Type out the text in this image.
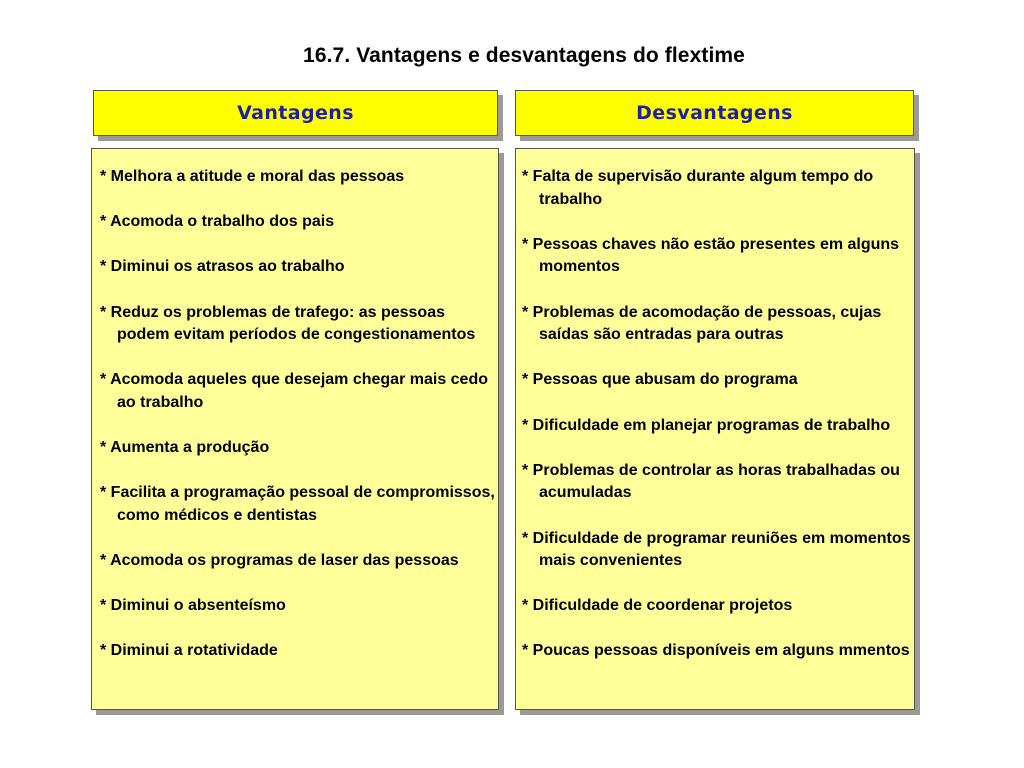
16.7. Vantagens e desvantagens do flextime
Vantagens	Desvantagens
* Melhora a atitude e moral das pessoas
* Acomoda o trabalho dos pais
* Diminui os atrasos ao trabalho
* Reduz os problemas de trafego: as pessoas podem evitam períodos de congestionamentos
* Acomoda aqueles que desejam chegar mais cedo ao trabalho
* Aumenta a produção
* Facilita a programação pessoal de compromissos, como médicos e dentistas
* Acomoda os programas de laser das pessoas
* Diminui o absenteísmo
* Diminui a rotatividade
* Falta de supervisão durante algum tempo do trabalho
* Pessoas chaves não estão presentes em alguns momentos
* Problemas de acomodação de pessoas, cujas saídas são entradas para outras
* Pessoas que abusam do programa
* Dificuldade em planejar programas de trabalho
* Problemas de controlar as horas trabalhadas ou acumuladas
* Dificuldade de programar reuniões em momentos mais convenientes
* Dificuldade de coordenar projetos
* Poucas pessoas disponíveis em alguns mmentos
